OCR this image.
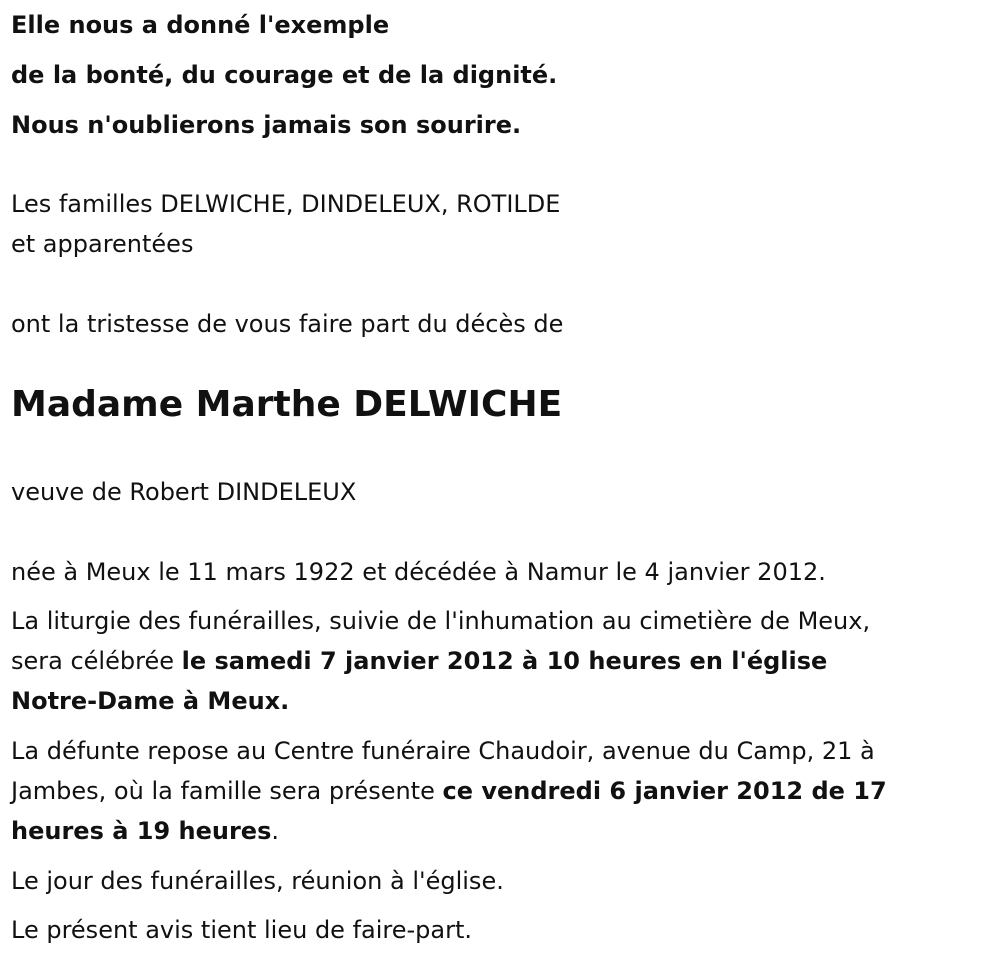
Elle nous a donné l'exemple
de la bonté, du courage et de la dignité.
Nous n'oublierons jamais son sourire.
Les familles DELWICHE, DINDELEUX, ROTILDE
et apparentées
ont la tristesse de vous faire part du décès de
Madame Marthe DELWICHE
veuve de Robert DINDELEUX
née à Meux le 11 mars 1922 et décédée à Namur le 4 janvier 2012.
La liturgie des funérailles, suivie de l'inhumation au cimetière de Meux,
sera célébrée le samedi 7 janvier 2012 à 10 heures en l'église
Notre-Dame à Meux.
La défunte repose au Centre funéraire Chaudoir, avenue du Camp, 21 à
Jambes, où la famille sera présente ce vendredi 6 janvier 2012 de 17
heures à 19 heures.
Le jour des funérailles, réunion à l'église.
Le présent avis tient lieu de faire-part.
